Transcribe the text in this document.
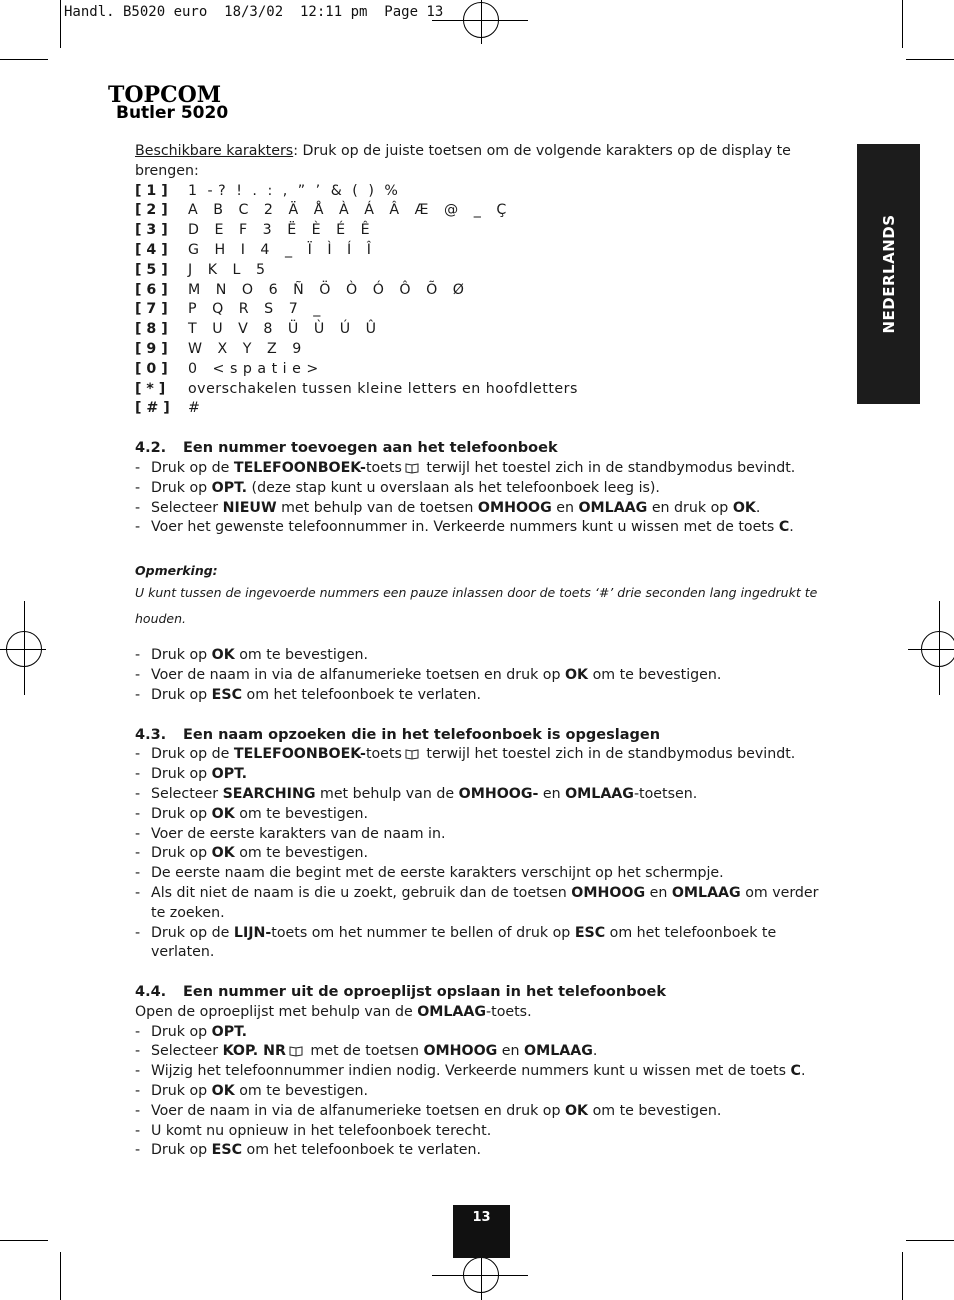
Handl. B5020 euro  18/3/02  12:11 pm  Page 13
TOPCOM
Butler 5020
NEDERLANDS
Beschikbare karakters: Druk op de juiste toetsen om de volgende karakters op de display te brengen:
[ 1 ]	1  - ?  !  .  :  ,  ”  ’  &  (  )  %
[ 2 ]	A   B   C   2   Ä   Å   À   Á   Â   Æ   @   _   Ç
[ 3 ]	D   E   F   3   Ë   È   É   Ê
[ 4 ]	G   H   I   4   _   Ï   Ì   Í   Î
[ 5 ]	J   K   L   5
[ 6 ]	M   N   O   6   Ñ   Ö   Ò   Ó   Ô   Õ   Ø
[ 7 ]	P   Q   R   S   7   _
[ 8 ]	T   U   V   8   Ü   Ù   Ú   Û
[ 9 ]	W   X   Y   Z   9
[ 0 ]	0   < s p a t i e >
[ * ]	overschakelen tussen kleine letters en hoofdletters
[ # ]	#
4.2. Een nummer toevoegen aan het telefoonboek
- Druk op de TELEFOONBOEK-toets terwijl het toestel zich in de standbymodus bevindt.
- Druk op OPT. (deze stap kunt u overslaan als het telefoonboek leeg is).
- Selecteer NIEUW met behulp van de toetsen OMHOOG en OMLAAG en druk op OK.
- Voer het gewenste telefoonnummer in. Verkeerde nummers kunt u wissen met de toets C.
Opmerking:
U kunt tussen de ingevoerde nummers een pauze inlassen door de toets ‘#’ drie seconden lang ingedrukt te houden.
- Druk op OK om te bevestigen.
- Voer de naam in via de alfanumerieke toetsen en druk op OK om te bevestigen.
- Druk op ESC om het telefoonboek te verlaten.
4.3. Een naam opzoeken die in het telefoonboek is opgeslagen
- Druk op de TELEFOONBOEK-toets terwijl het toestel zich in de standbymodus bevindt.
- Druk op OPT.
- Selecteer SEARCHING met behulp van de OMHOOG- en OMLAAG-toetsen.
- Druk op OK om te bevestigen.
- Voer de eerste karakters van de naam in.
- Druk op OK om te bevestigen.
- De eerste naam die begint met de eerste karakters verschijnt op het schermpje.
- Als dit niet de naam is die u zoekt, gebruik dan de toetsen OMHOOG en OMLAAG om verder te zoeken.
- Druk op de LIJN-toets om het nummer te bellen of druk op ESC om het telefoonboek te verlaten.
4.4. Een nummer uit de oproeplijst opslaan in het telefoonboek
Open de oproeplijst met behulp van de OMLAAG-toets.
- Druk op OPT.
- Selecteer KOP. NR met de toetsen OMHOOG en OMLAAG.
- Wijzig het telefoonnummer indien nodig. Verkeerde nummers kunt u wissen met de toets C.
- Druk op OK om te bevestigen.
- Voer de naam in via de alfanumerieke toetsen en druk op OK om te bevestigen.
- U komt nu opnieuw in het telefoonboek terecht.
- Druk op ESC om het telefoonboek te verlaten.
13
